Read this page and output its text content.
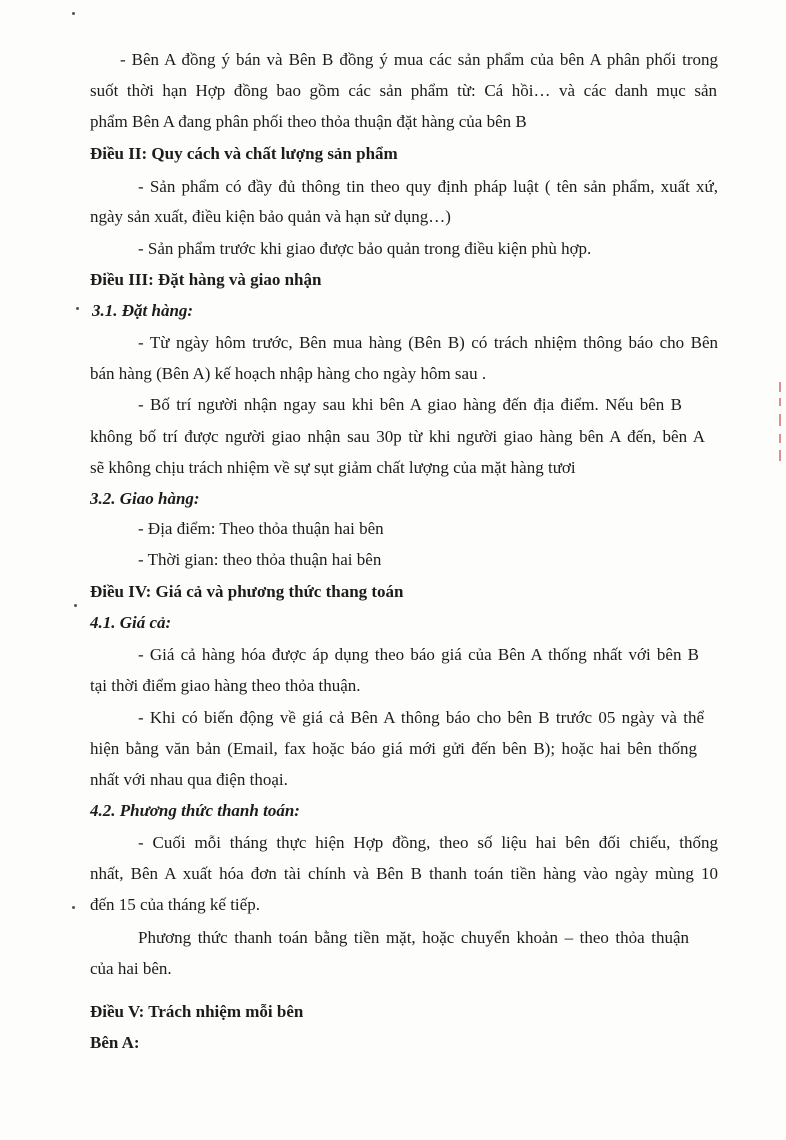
- Bên A đồng ý bán và Bên B đồng ý mua các sản phẩm của bên A phân phối trong
suốt thời hạn Hợp đồng bao gồm các sản phẩm từ: Cá hồi… và các danh mục sản
phẩm Bên A đang phân phối theo thỏa thuận đặt hàng của bên B
Điều II: Quy cách và chất lượng sản phẩm
- Sản phẩm có đầy đủ thông tin theo quy định pháp luật ( tên sản phẩm, xuất xứ,
ngày sản xuất, điều kiện bảo quản và hạn sử dụng…)
- Sản phẩm trước khi giao được bảo quản trong điều kiện phù hợp.
Điều III: Đặt hàng và giao nhận
3.1. Đặt hàng:
- Từ ngày hôm trước, Bên mua hàng (Bên B) có trách nhiệm thông báo cho Bên
bán hàng (Bên A) kế hoạch nhập hàng cho ngày hôm sau .
- Bố trí người nhận ngay sau khi bên A giao hàng đến địa điểm. Nếu bên B
không bố trí được người giao nhận sau 30p từ khi người giao hàng bên A đến, bên A
sẽ không chịu trách nhiệm về sự sụt giảm chất lượng của mặt hàng tươi
3.2. Giao hàng:
- Địa điểm: Theo thỏa thuận hai bên
- Thời gian: theo thỏa thuận hai bên
Điều IV: Giá cả và phương thức thang toán
4.1. Giá cả:
- Giá cả hàng hóa được áp dụng theo báo giá của Bên A thống nhất với bên B
tại thời điểm giao hàng theo thỏa thuận.
- Khi có biến động về giá cả Bên A thông báo cho bên B trước 05 ngày và thể
hiện bằng văn bản (Email, fax hoặc báo giá mới gửi đến bên B); hoặc hai bên thống
nhất với nhau qua điện thoại.
4.2. Phương thức thanh toán:
- Cuối mỗi tháng thực hiện Hợp đồng, theo số liệu hai bên đối chiếu, thống
nhất, Bên A xuất hóa đơn tài chính và Bên B thanh toán tiền hàng vào ngày mùng 10
đến 15 của tháng kế tiếp.
Phương thức thanh toán bằng tiền mặt, hoặc chuyển khoản – theo thỏa thuận
của hai bên.
Điều V: Trách nhiệm mỗi bên
Bên A:
